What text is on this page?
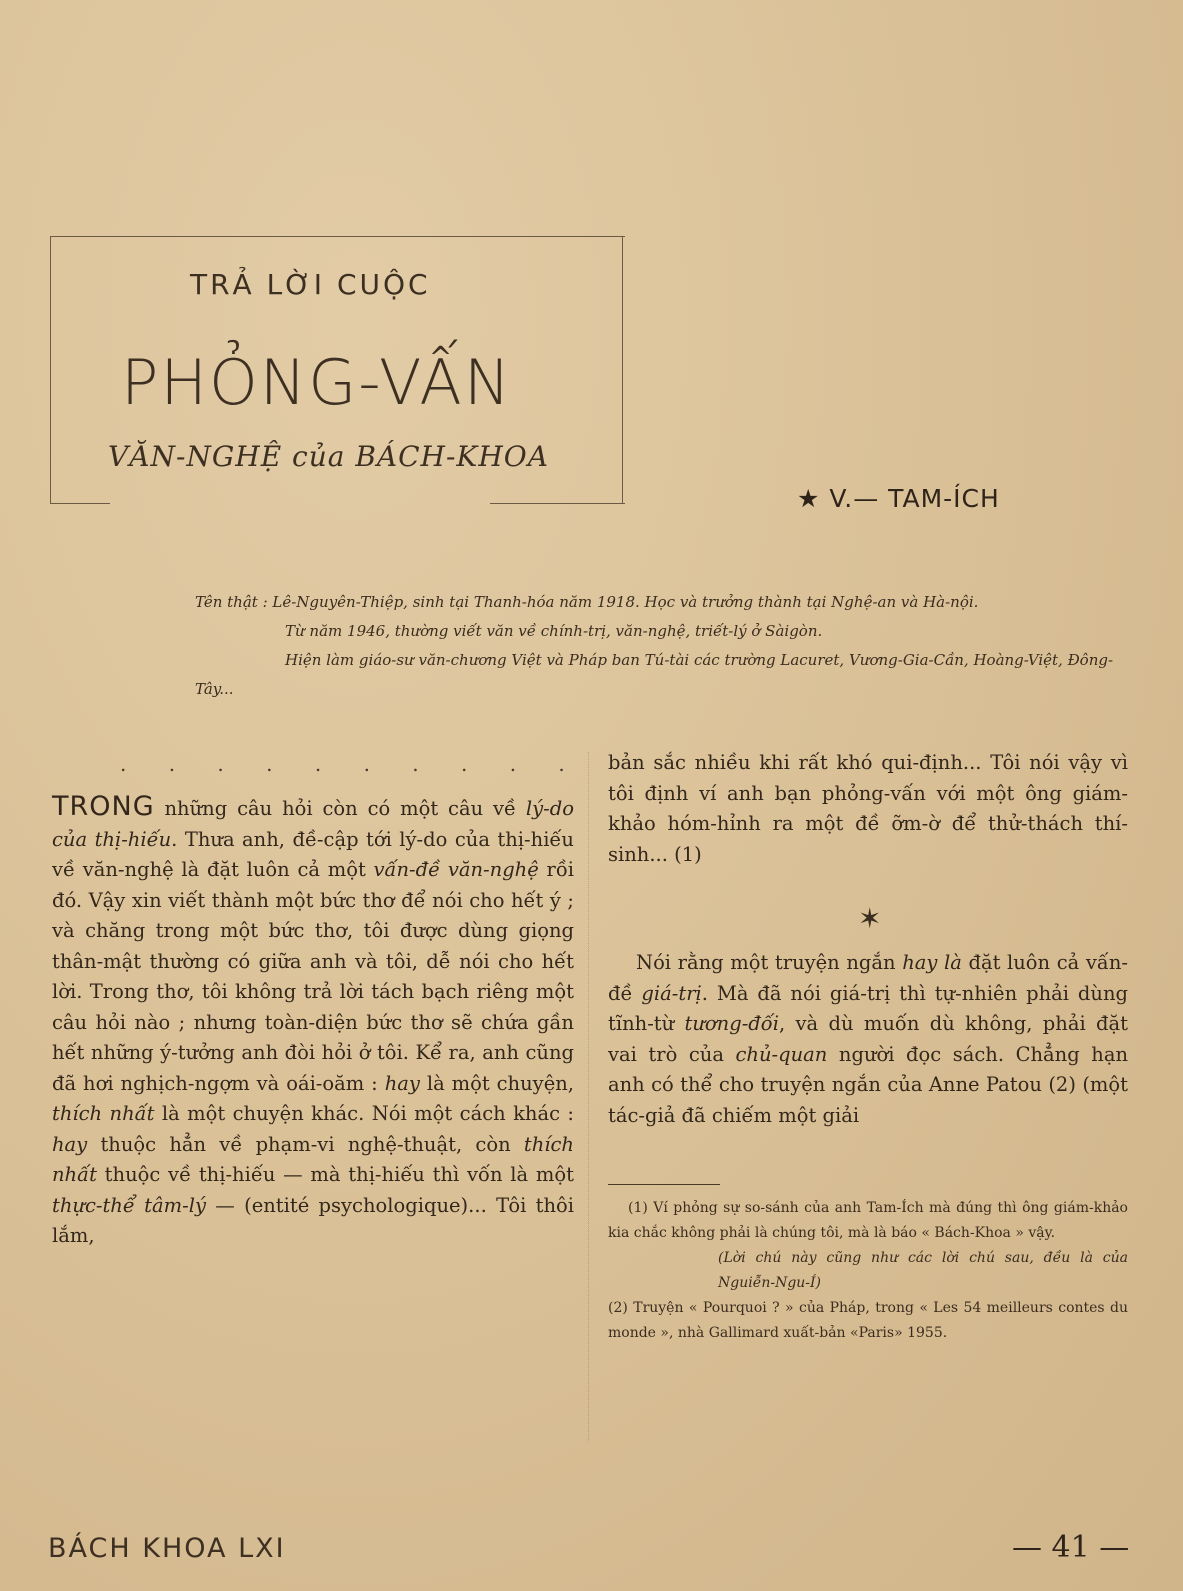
TRẢ LỜI CUỘC
PHỎNG-VẤN
VĂN-NGHỆ của BÁCH-KHOA
★ V.— TAM-ÍCH

Tên thật : Lê-Nguyên-Thiệp, sinh tại Thanh-hóa năm 1918. Học và trưởng thành tại Nghệ-an và Hà-nội.

Từ năm 1946, thường viết văn về chính-trị, văn-nghệ, triết-lý ở Sàigòn.

Hiện làm giáo-sư văn-chương Việt và Pháp ban Tú-tài các trường Lacuret, Vương-Gia-Cần, Hoàng-Việt, Đông-Tây...

. . . . . . . . . .

TRONG những câu hỏi còn có một câu về lý-do của thị-hiếu. Thưa anh, đề-cập tới lý-do của thị-hiếu về văn-nghệ là đặt luôn cả một vấn-đề văn-nghệ rồi đó. Vậy xin viết thành một bức thơ để nói cho hết ý ; và chăng trong một bức thơ, tôi được dùng giọng thân-mật thường có giữa anh và tôi, dễ nói cho hết lời. Trong thơ, tôi không trả lời tách bạch riêng một câu hỏi nào ; nhưng toàn-diện bức thơ sẽ chứa gần hết những ý-tưởng anh đòi hỏi ở tôi. Kể ra, anh cũng đã hơi nghịch-ngợm và oái-oăm : hay là một chuyện, thích nhất là một chuyện khác. Nói một cách khác : hay thuộc hẳn về phạm-vi nghệ-thuật, còn thích nhất thuộc về thị-hiếu — mà thị-hiếu thì vốn là một thực-thể tâm-lý — (entité psychologique)... Tôi thôi lắm,

bản sắc nhiều khi rất khó qui-định... Tôi nói vậy vì tôi định ví anh bạn phỏng-vấn với một ông giám-khảo hóm-hỉnh ra một đề ỡm-ờ để thử-thách thí-sinh... (1)

Nói rằng một truyện ngắn hay là đặt luôn cả vấn-đề giá-trị. Mà đã nói giá-trị thì tự-nhiên phải dùng tĩnh-từ tương-đối, và dù muốn dù không, phải đặt vai trò của chủ-quan người đọc sách. Chẳng hạn anh có thể cho truyện ngắn của Anne Patou (2) (một tác-giả đã chiếm một giải

✶

(1) Ví phỏng sự so-sánh của anh Tam-Ích mà đúng thì ông giám-khảo kia chắc không phải là chúng tôi, mà là báo « Bách-Khoa » vậy.

(Lời chú này cũng như các lời chú sau, đều là của Nguiễn-Ngu-Í)

(2) Truyện « Pourquoi ? » của Pháp, trong « Les 54 meilleurs contes du monde », nhà Gallimard xuất-bản «Paris» 1955.

BÁCH KHOA LXI	— 41 —
